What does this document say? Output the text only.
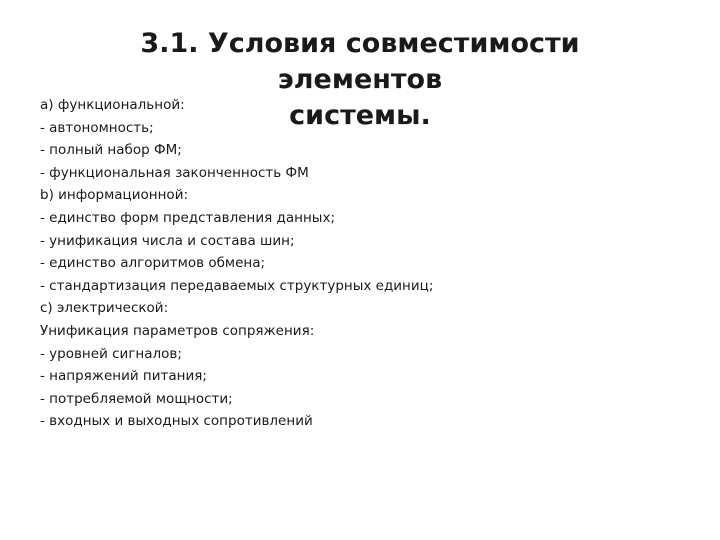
3.1. Условия совместимости элементов
системы.
a) функциональной:
- автономность;
- полный набор ФМ;
- функциональная законченность ФМ
b) информационной:
- единство форм представления данных;
- унификация числа и состава шин;
- единство алгоритмов обмена;
- стандартизация передаваемых структурных единиц;
c) электрической:
Унификация параметров сопряжения:
- уровней сигналов;
- напряжений питания;
- потребляемой мощности;
- входных и выходных сопротивлений
